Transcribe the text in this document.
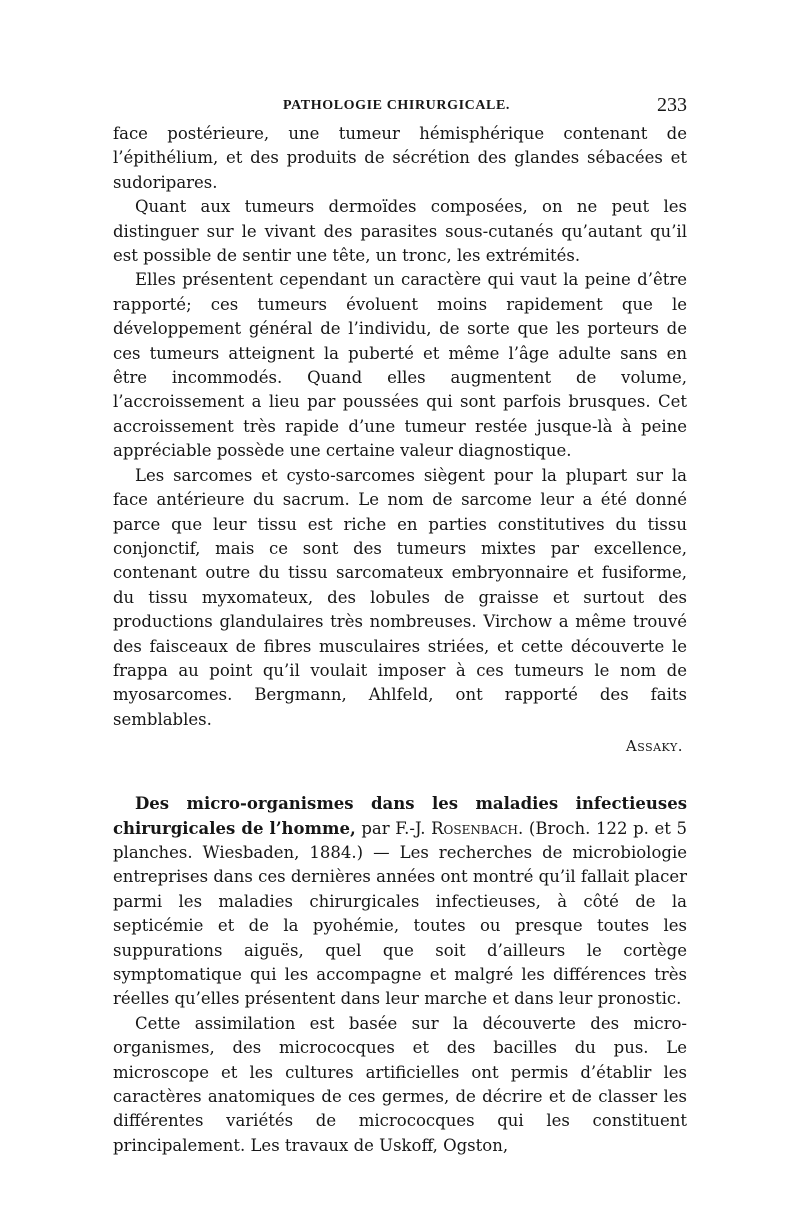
PATHOLOGIE CHIRURGICALE.	233

face postérieure, une tumeur hémisphérique contenant de l’épithélium, et des produits de sécrétion des glandes sébacées et sudoripares.

Quant aux tumeurs dermoïdes composées, on ne peut les distinguer sur le vivant des parasites sous-cutanés qu’autant qu’il est possible de sentir une tête, un tronc, les extrémités.

Elles présentent cependant un caractère qui vaut la peine d’être rapporté; ces tumeurs évoluent moins rapidement que le développement général de l’individu, de sorte que les porteurs de ces tumeurs atteignent la puberté et même l’âge adulte sans en être incommodés. Quand elles augmentent de volume, l’accroissement a lieu par poussées qui sont parfois brusques. Cet accroissement très rapide d’une tumeur restée jusque-là à peine appréciable possède une certaine valeur diagnostique.

Les sarcomes et cysto-sarcomes siègent pour la plupart sur la face antérieure du sacrum. Le nom de sarcome leur a été donné parce que leur tissu est riche en parties constitutives du tissu conjonctif, mais ce sont des tumeurs mixtes par excellence, contenant outre du tissu sarcomateux embryonnaire et fusiforme, du tissu myxomateux, des lobules de graisse et surtout des productions glandulaires très nombreuses. Virchow a même trouvé des faisceaux de fibres musculaires striées, et cette découverte le frappa au point qu’il voulait imposer à ces tumeurs le nom de myosarcomes. Bergmann, Ahlfeld, ont rapporté des faits semblables.

Assaky.

Des micro-organismes dans les maladies infectieuses chirurgicales de l’homme, par F.-J. Rosenbach. (Broch. 122 p. et 5 planches. Wiesbaden, 1884.) — Les recherches de microbiologie entreprises dans ces dernières années ont montré qu’il fallait placer parmi les maladies chirurgicales infectieuses, à côté de la septicémie et de la pyohémie, toutes ou presque toutes les suppurations aiguës, quel que soit d’ailleurs le cortège symptomatique qui les accompagne et malgré les différences très réelles qu’elles présentent dans leur marche et dans leur pronostic.

Cette assimilation est basée sur la découverte des micro-organismes, des micrococques et des bacilles du pus. Le microscope et les cultures artificielles ont permis d’établir les caractères anatomiques de ces germes, de décrire et de classer les différentes variétés de micrococques qui les constituent principalement. Les travaux de Uskoff, Ogston,
